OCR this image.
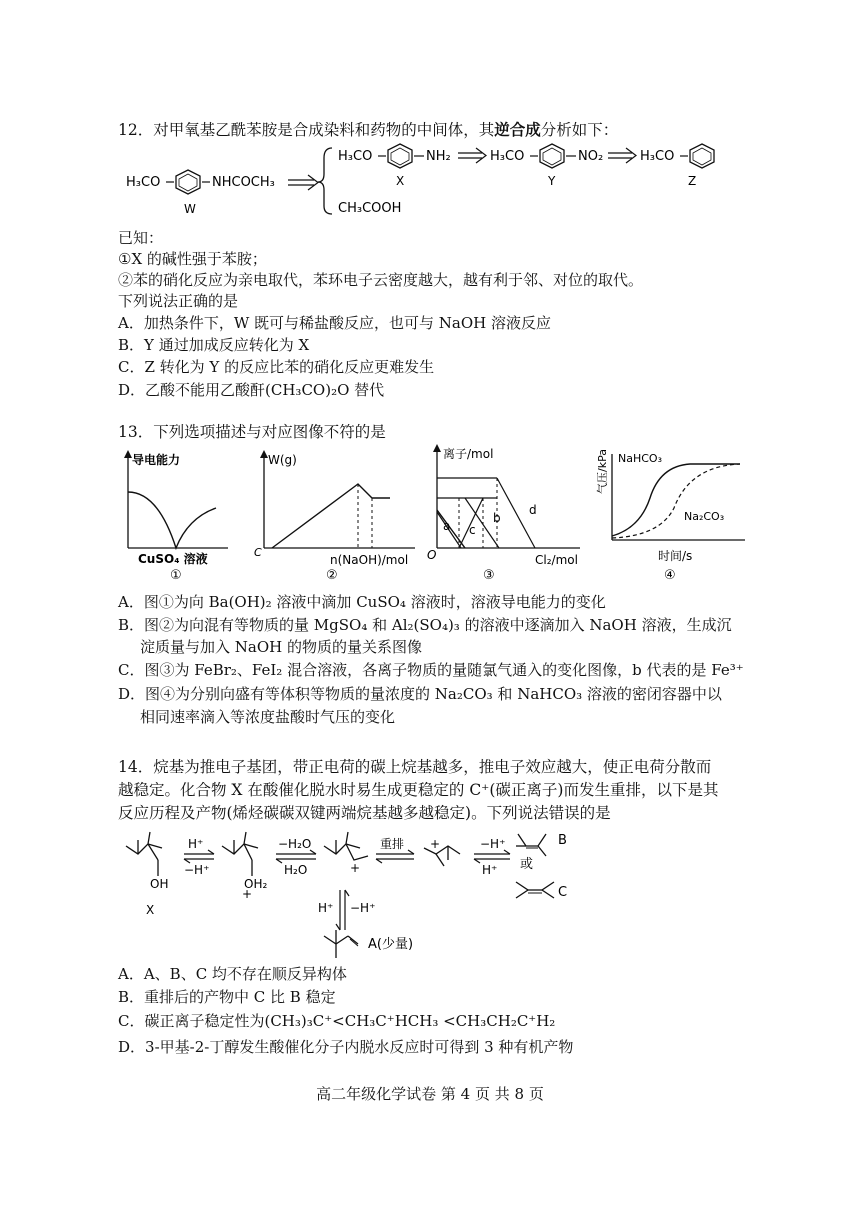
12．对甲氧基乙酰苯胺是合成染料和药物的中间体，其逆合成分析如下：
H₃CO	NHCOCH₃
W
H₃CO	NH₂
X
H₃CO	NO₂
Y
H₃CO
Z
CH₃COOH
已知：
①X 的碱性强于苯胺；
②苯的硝化反应为亲电取代，苯环电子云密度越大，越有利于邻、对位的取代。
下列说法正确的是
A．加热条件下，W 既可与稀盐酸反应，也可与 NaOH 溶液反应
B．Y 通过加成反应转化为 X
C．Z 转化为 Y 的反应比苯的硝化反应更难发生
D．乙酸不能用乙酸酐(CH₃CO)₂O 替代
13．下列选项描述与对应图像不符的是
导电能力
CuSO₄ 溶液
①
W(g)
C
n(NaOH)/mol
②
离子/mol
O
a
b
c
d
Cl₂/mol
③
气压/kPa NaHCO₃
Na₂CO₃
时间/s
④
A．图①为向 Ba(OH)₂ 溶液中滴加 CuSO₄ 溶液时，溶液导电能力的变化
B．图②为向混有等物质的量 MgSO₄ 和 Al₂(SO₄)₃ 的溶液中逐滴加入 NaOH 溶液，生成沉
淀质量与加入 NaOH 的物质的量关系图像
C．图③为 FeBr₂、FeI₂ 混合溶液，各离子物质的量随氯气通入的变化图像，b 代表的是 Fe³⁺
D．图④为分别向盛有等体积等物质的量浓度的 Na₂CO₃ 和 NaHCO₃ 溶液的密闭容器中以
相同速率滴入等浓度盐酸时气压的变化
14．烷基为推电子基团，带正电荷的碳上烷基越多，推电子效应越大，使正电荷分散而
越稳定。化合物 X 在酸催化脱水时易生成更稳定的 C⁺(碳正离子)而发生重排，以下是其
反应历程及产物(烯烃碳碳双键两端烷基越多越稳定)。下列说法错误的是
OH
X
H⁺
−H⁺
OH₂
+
−H₂O
H₂O	+
重排 +	−H⁺
H⁺
B
或
C
H⁺ −H⁺
A(少量)
A．A、B、C 均不存在顺反异构体
B．重排后的产物中 C 比 B 稳定
C．碳正离子稳定性为(CH₃)₃C⁺<CH₃C⁺HCH₃ <CH₃CH₂C⁺H₂
D．3-甲基-2-丁醇发生酸催化分子内脱水反应时可得到 3 种有机产物
高二年级化学试卷 第 4 页 共 8 页
